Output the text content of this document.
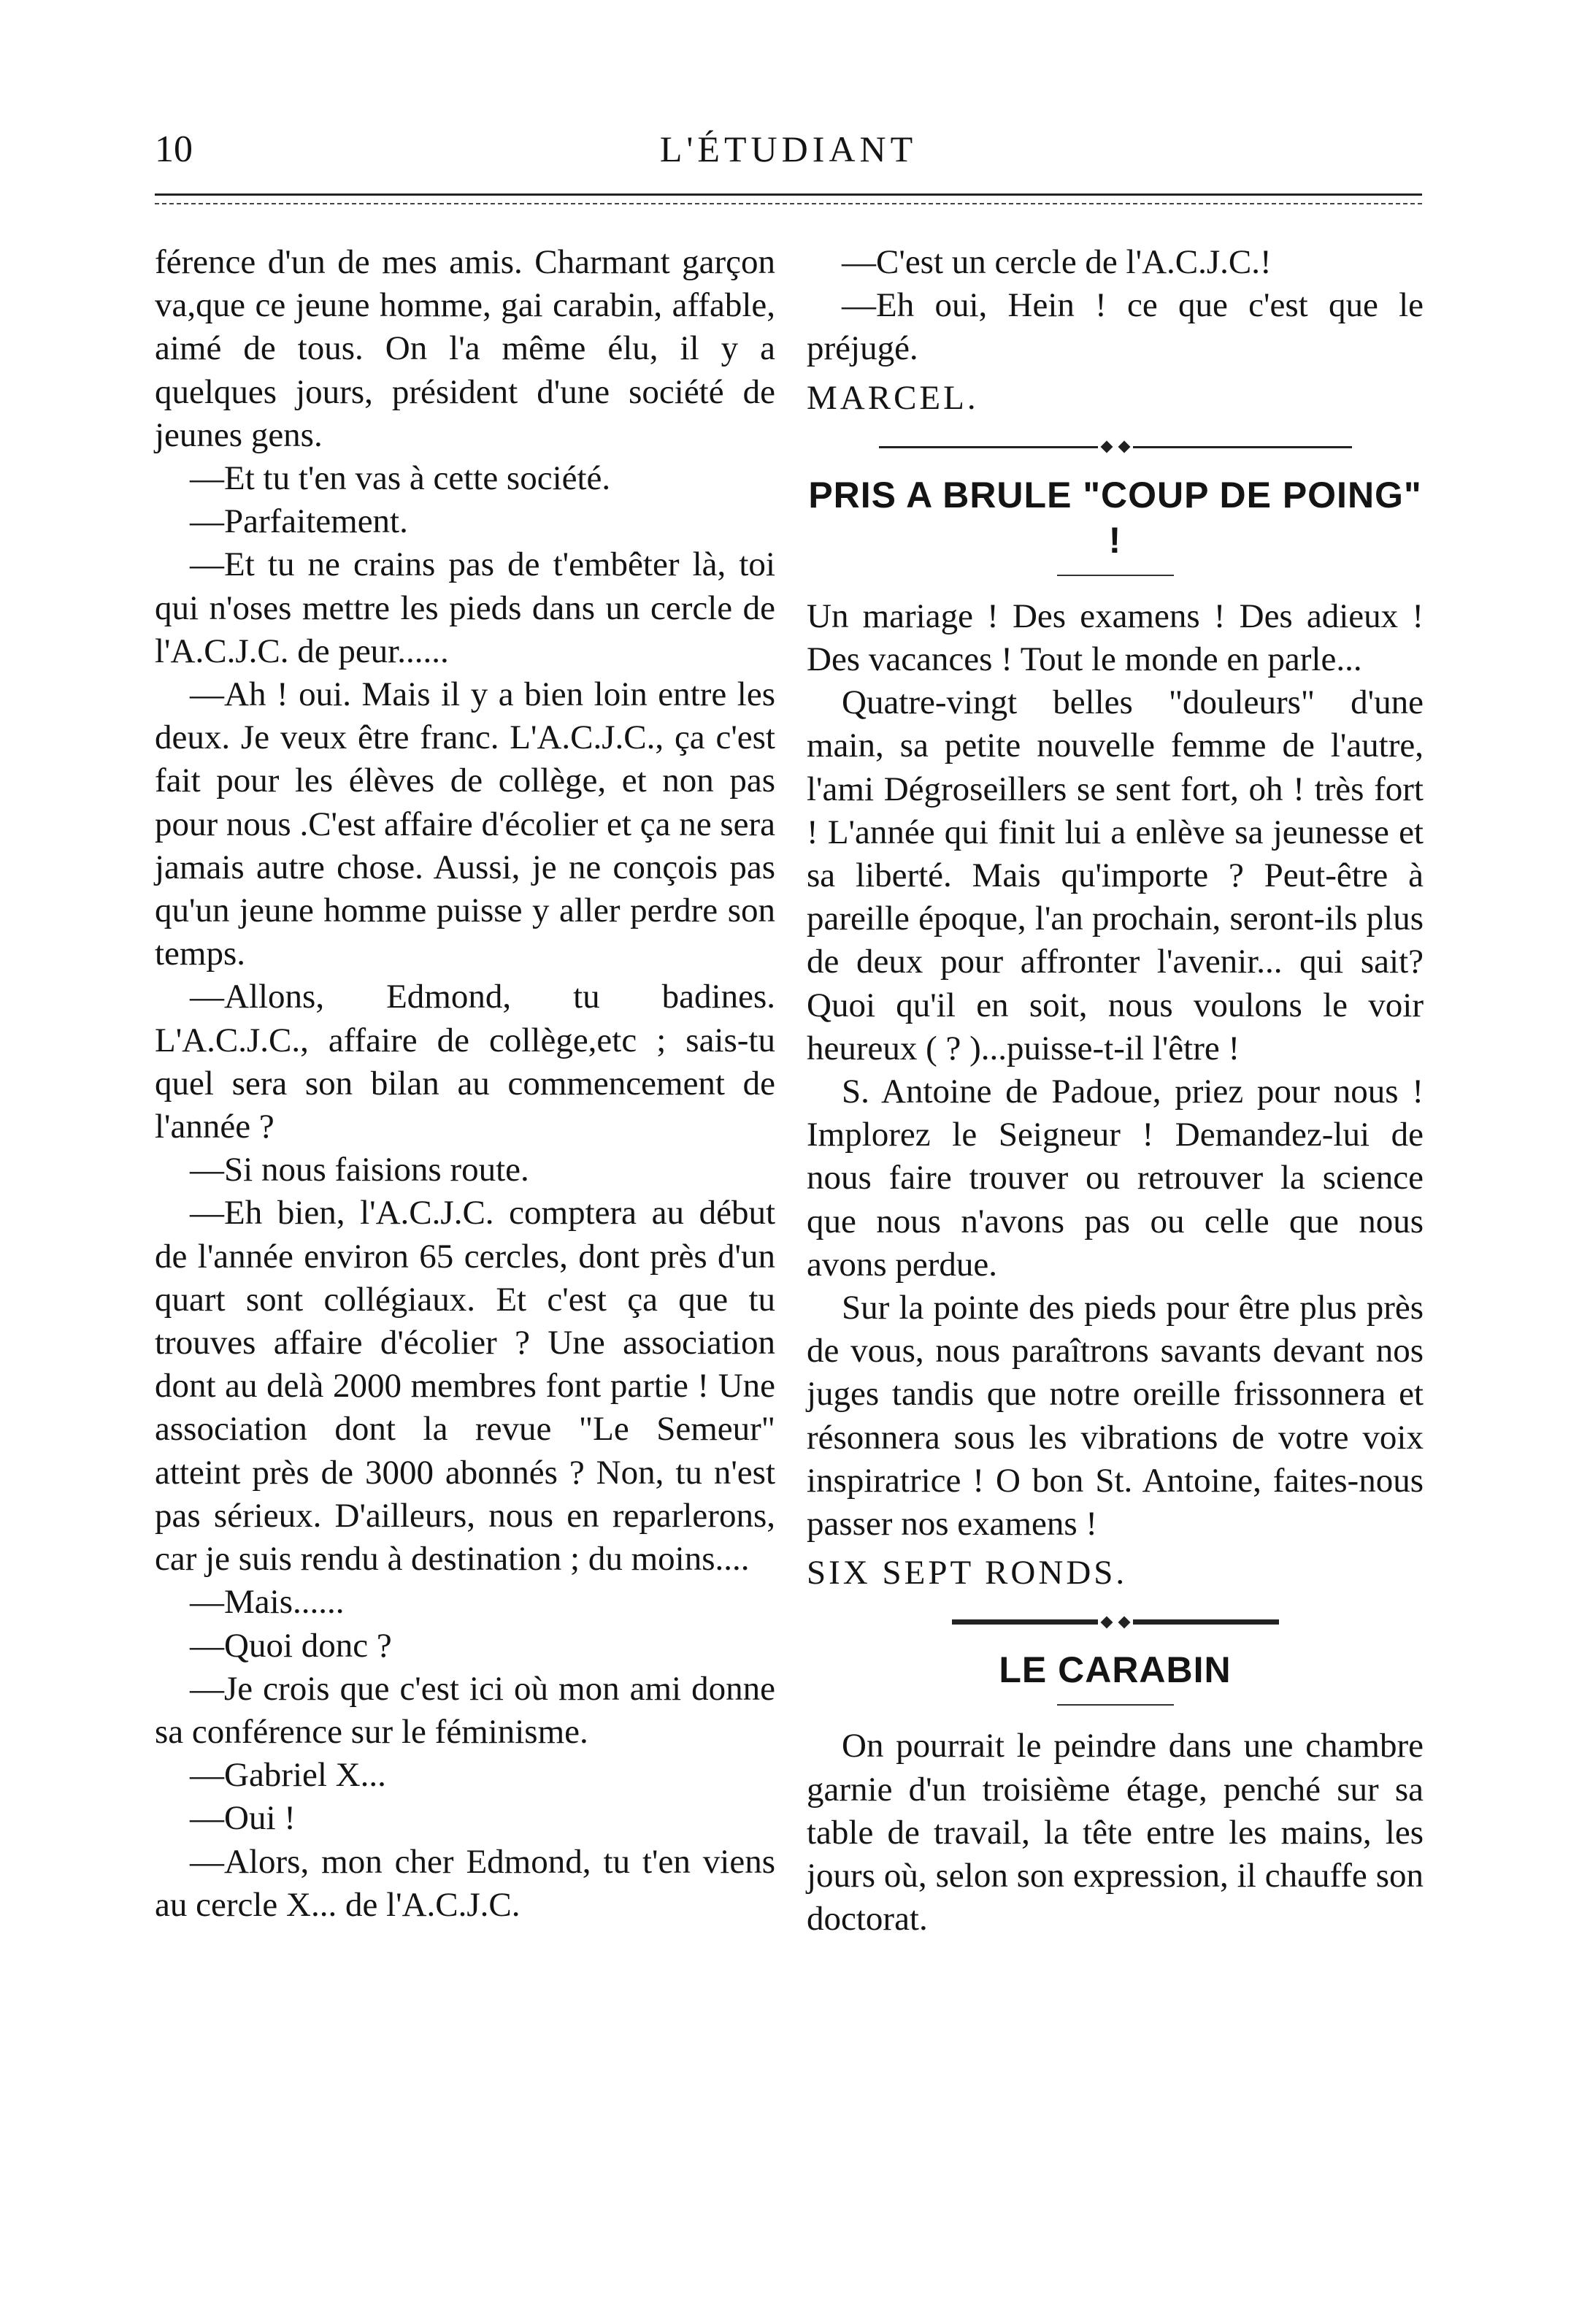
10	L'ÉTUDIANT

férence d'un de mes amis. Charmant garçon va,que ce jeune homme, gai carabin, affable, aimé de tous. On l'a même élu, il y a quelques jours, président d'une société de jeunes gens.

—Et tu t'en vas à cette société.

—Parfaitement.

—Et tu ne crains pas de t'embêter là, toi qui n'oses mettre les pieds dans un cercle de l'A.C.J.C. de peur......

—Ah ! oui. Mais il y a bien loin entre les deux. Je veux être franc. L'A.C.J.C., ça c'est fait pour les élèves de collège, et non pas pour nous .C'est affaire d'écolier et ça ne sera jamais autre chose. Aussi, je ne conçois pas qu'un jeune homme puisse y aller perdre son temps.

—Allons, Edmond, tu badines. L'A.C.J.C., affaire de collège,etc ; sais-tu quel sera son bilan au commencement de l'année ?

—Si nous faisions route.

—Eh bien, l'A.C.J.C. comptera au début de l'année environ 65 cercles, dont près d'un quart sont collégiaux. Et c'est ça que tu trouves affaire d'écolier ? Une association dont au delà 2000 membres font partie ! Une association dont la revue "Le Semeur" atteint près de 3000 abonnés ? Non, tu n'est pas sérieux. D'ailleurs, nous en reparlerons, car je suis rendu à destination ; du moins....

—Mais......

—Quoi donc ?

—Je crois que c'est ici où mon ami donne sa conférence sur le féminisme.

—Gabriel X...

—Oui !

—Alors, mon cher Edmond, tu t'en viens au cercle X... de l'A.C.J.C.

—C'est un cercle de l'A.C.J.C.!

—Eh oui, Hein ! ce que c'est que le préjugé.

MARCEL.

PRIS A BRULE "COUP DE POING" !

Un mariage ! Des examens ! Des adieux ! Des vacances ! Tout le monde en parle...

Quatre-vingt belles "douleurs" d'une main, sa petite nouvelle femme de l'autre, l'ami Dégroseillers se sent fort, oh ! très fort ! L'année qui finit lui a enlève sa jeunesse et sa liberté. Mais qu'importe ? Peut-être à pareille époque, l'an prochain, seront-ils plus de deux pour affronter l'avenir... qui sait? Quoi qu'il en soit, nous voulons le voir heureux ( ? )...puisse-t-il l'être !

S. Antoine de Padoue, priez pour nous ! Implorez le Seigneur ! Demandez-lui de nous faire trouver ou retrouver la science que nous n'avons pas ou celle que nous avons perdue.

Sur la pointe des pieds pour être plus près de vous, nous paraîtrons savants devant nos juges tandis que notre oreille frissonnera et résonnera sous les vibrations de votre voix inspiratrice ! O bon St. Antoine, faites-nous passer nos examens !

SIX SEPT RONDS.

LE CARABIN

On pourrait le peindre dans une chambre garnie d'un troisième étage, penché sur sa table de travail, la tête entre les mains, les jours où, selon son expression, il chauffe son doctorat.
